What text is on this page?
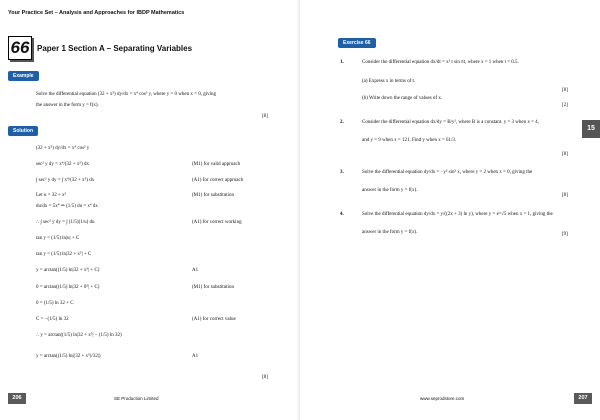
Your Practice Set – Analysis and Approaches for IBDP Mathematics
66 Paper 1 Section A – Separating Variables
Example
Solve the differential equation (32 + x⁵) dy/dx = x⁴ cos² y, where y = 0 when x = 0, giving
the answer in the form y = f(x).
[8]
Solution
(32 + x⁵) dy/dx = x⁴ cos² y
sec² y dy = x⁴/(32 + x⁵) dx	(M1) for valid approach
∫ sec² y dy = ∫ x⁴/(32 + x⁵) dx	(A1) for correct approach
Let u = 32 + x⁵	(M1) for substitution
du/dx = 5x⁴ ⇒ (1/5) du = x⁴ dx
∴ ∫ sec² y dy = ∫ (1/5)(1/u) du	(A1) for correct working
tan y = (1/5) ln|u| + C
tan y = (1/5) ln|32 + x⁵| + C
y = arctan((1/5) ln|32 + x⁵| + C)	A1
0 = arctan((1/5) ln|32 + 0⁵| + C)	(M1) for substitution
0 = (1/5) ln 32 + C
C = −(1/5) ln 32	(A1) for correct value
∴ y = arctan((1/5) ln|32 + x⁵| − (1/5) ln 32)
y = arctan((1/5) ln|(32 + x⁵)/32|)	A1
[8]
206	SE Production Limited
Exercise 66
1.	Consider the differential equation dx/dt = x² t sin πt, where x = 1 when t = 0.5.
(a) Express x in terms of t.
[8]
(b) Write down the range of values of x.
[2]
2.	Consider the differential equation dx/dy = B/y², where B is a constant. y = 3 when x = 4,
and y = 9 when x = 121. Find y when x = 61/3.
[8]
3.	Solve the differential equation dy/dx = −y² sin² x, where y = 2 when x = 0, giving the
answer in the form y = f(x).
[8]
4.	Solve the differential equation dy/dx = y/((2x + 3) ln y), where y = e^√5 when x = 1, giving the
answer in the form y = f(x).	[9]
207
www.seprodstore.com
15
